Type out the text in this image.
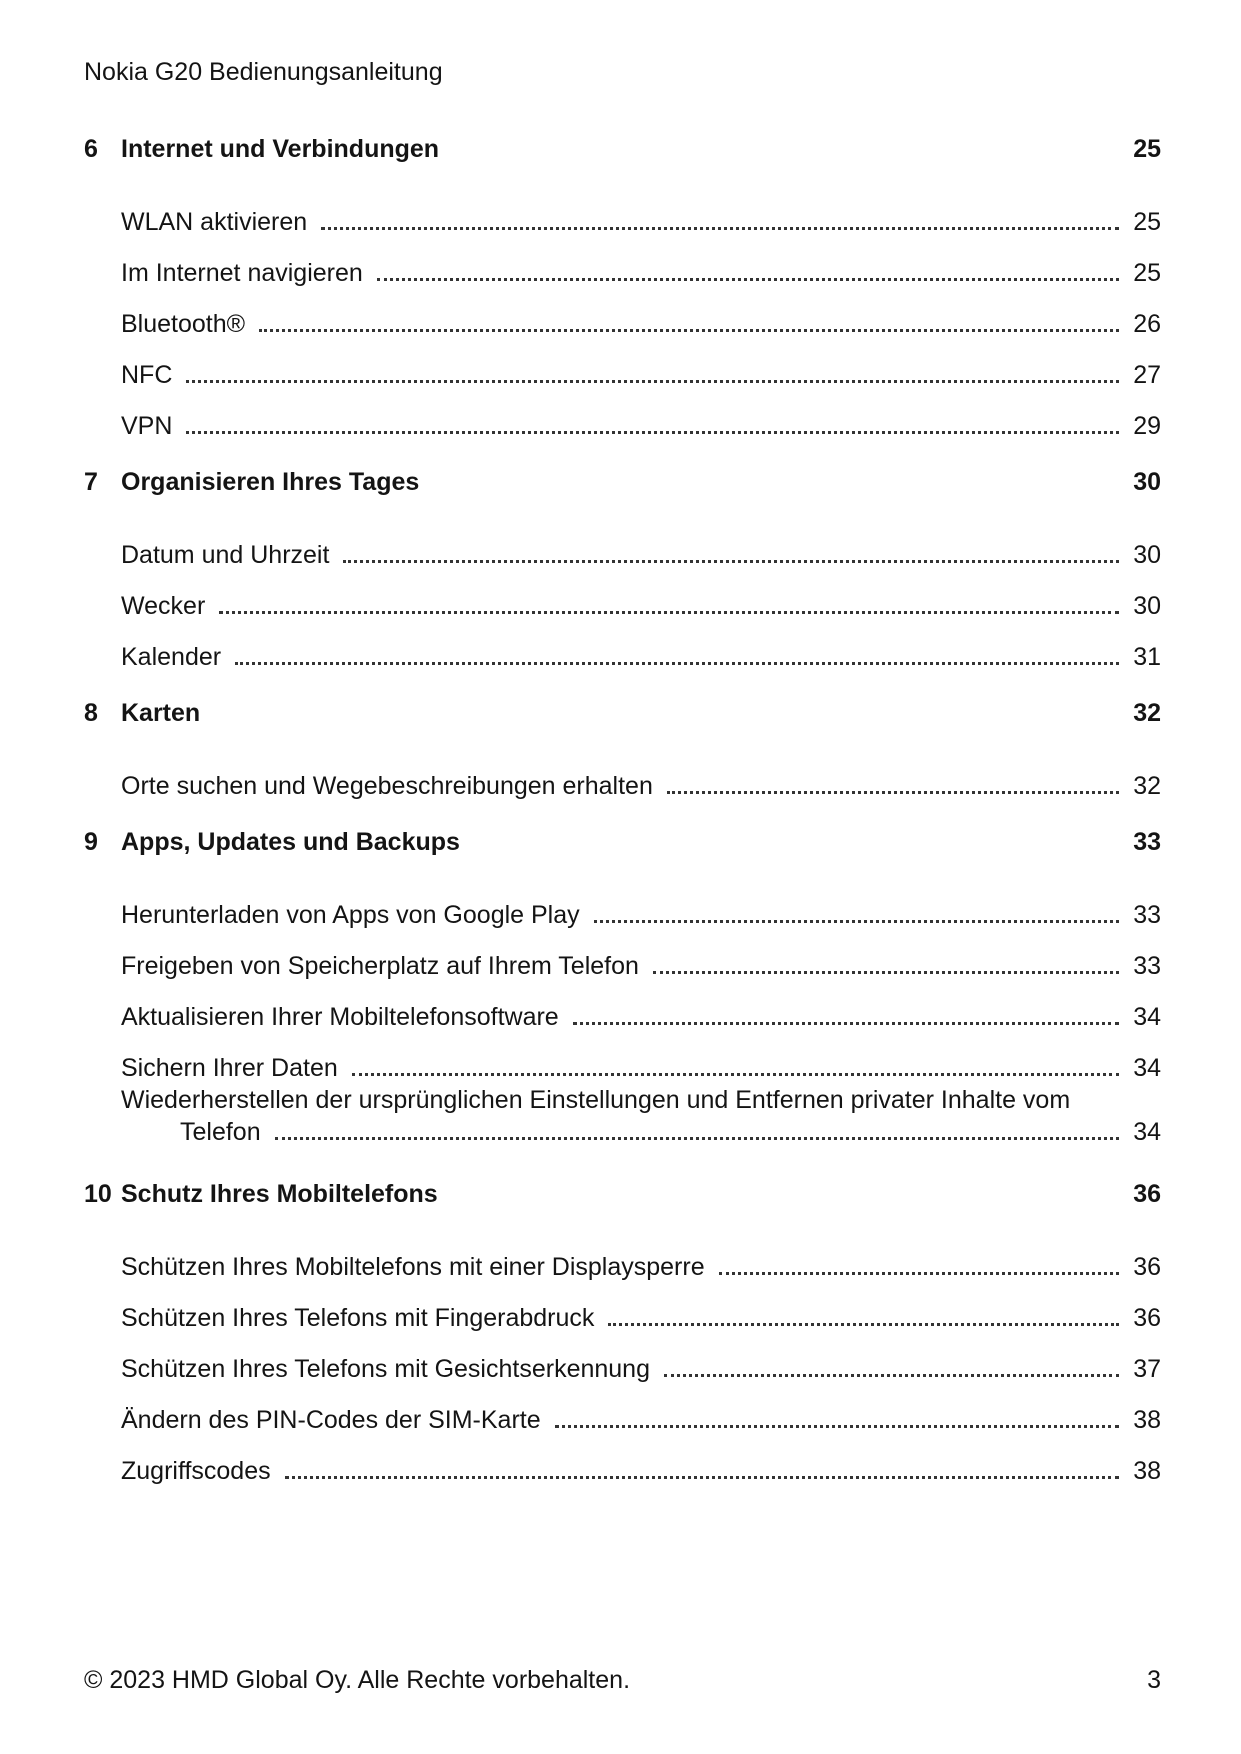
Nokia G20 Bedienungsanleitung
6 Internet und Verbindungen	25
WLAN aktivieren	25
Im Internet navigieren	25
Bluetooth®	26
NFC	27
VPN	29
7 Organisieren Ihres Tages	30
Datum und Uhrzeit	30
Wecker	30
Kalender	31
8 Karten	32
Orte suchen und Wegebeschreibungen erhalten	32
9 Apps, Updates und Backups	33
Herunterladen von Apps von Google Play	33
Freigeben von Speicherplatz auf Ihrem Telefon	33
Aktualisieren Ihrer Mobiltelefonsoftware	34
Sichern Ihrer Daten	34
Wiederherstellen der ursprünglichen Einstellungen und Entfernen privater Inhalte vom
Telefon	34
10 Schutz Ihres Mobiltelefons	36
Schützen Ihres Mobiltelefons mit einer Displaysperre	36
Schützen Ihres Telefons mit Fingerabdruck	36
Schützen Ihres Telefons mit Gesichtserkennung	37
Ändern des PIN-Codes der SIM-Karte	38
Zugriffscodes	38
© 2023 HMD Global Oy. Alle Rechte vorbehalten.	3
